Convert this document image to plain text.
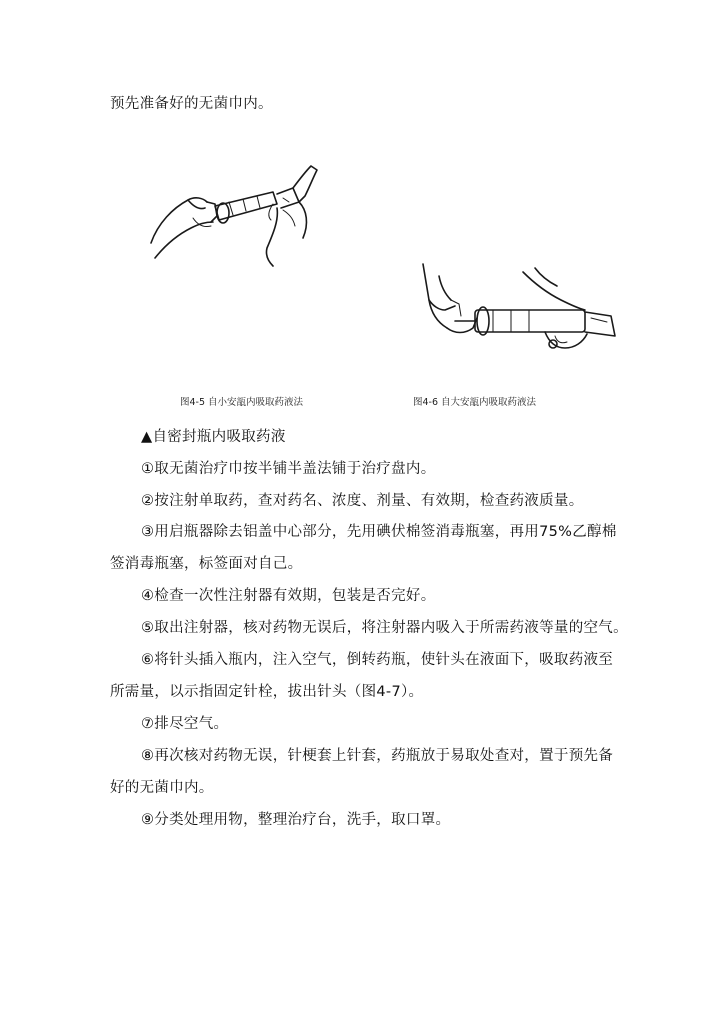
预先准备好的无菌巾内。
图4-5 自小安瓿内吸取药液法	图4-6 自大安瓿内吸取药液法
▲自密封瓶内吸取药液
①取无菌治疗巾按半铺半盖法铺于治疗盘内。
②按注射单取药，查对药名、浓度、剂量、有效期，检查药液质量。
③用启瓶器除去铝盖中心部分，先用碘伏棉签消毒瓶塞，再用75%乙醇棉
签消毒瓶塞，标签面对自己。
④检查一次性注射器有效期，包装是否完好。
⑤取出注射器，核对药物无误后，将注射器内吸入于所需药液等量的空气。
⑥将针头插入瓶内，注入空气，倒转药瓶，使针头在液面下，吸取药液至
所需量，以示指固定针栓，拔出针头（图4-7）。
⑦排尽空气。
⑧再次核对药物无误，针梗套上针套，药瓶放于易取处查对，置于预先备
好的无菌巾内。
⑨分类处理用物，整理治疗台，洗手，取口罩。
